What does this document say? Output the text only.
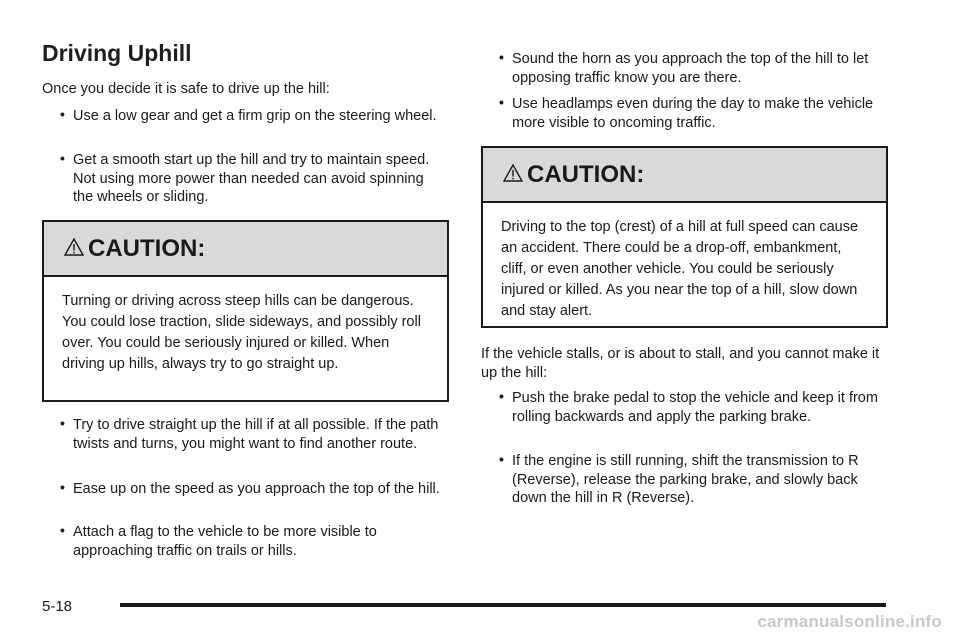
Driving Uphill

Once you decide it is safe to drive up the hill:

• Use a low gear and get a firm grip on the steering wheel.
• Get a smooth start up the hill and try to maintain speed. Not using more power than needed can avoid spinning the wheels or sliding.
CAUTION:
Turning or driving across steep hills can be dangerous. You could lose traction, slide sideways, and possibly roll over. You could be seriously injured or killed. When driving up hills, always try to go straight up.
• Try to drive straight up the hill if at all possible. If the path twists and turns, you might want to find another route.
• Ease up on the speed as you approach the top of the hill.
• Attach a flag to the vehicle to be more visible to approaching traffic on trails or hills.
• Sound the horn as you approach the top of the hill to let opposing traffic know you are there.
• Use headlamps even during the day to make the vehicle more visible to oncoming traffic.
CAUTION:
Driving to the top (crest) of a hill at full speed can cause an accident. There could be a drop-off, embankment, cliff, or even another vehicle. You could be seriously injured or killed. As you near the top of a hill, slow down and stay alert.

If the vehicle stalls, or is about to stall, and you cannot make it up the hill:

• Push the brake pedal to stop the vehicle and keep it from rolling backwards and apply the parking brake.
• If the engine is still running, shift the transmission to R (Reverse), release the parking brake, and slowly back down the hill in R (Reverse).
5-18
carmanualsonline.info
